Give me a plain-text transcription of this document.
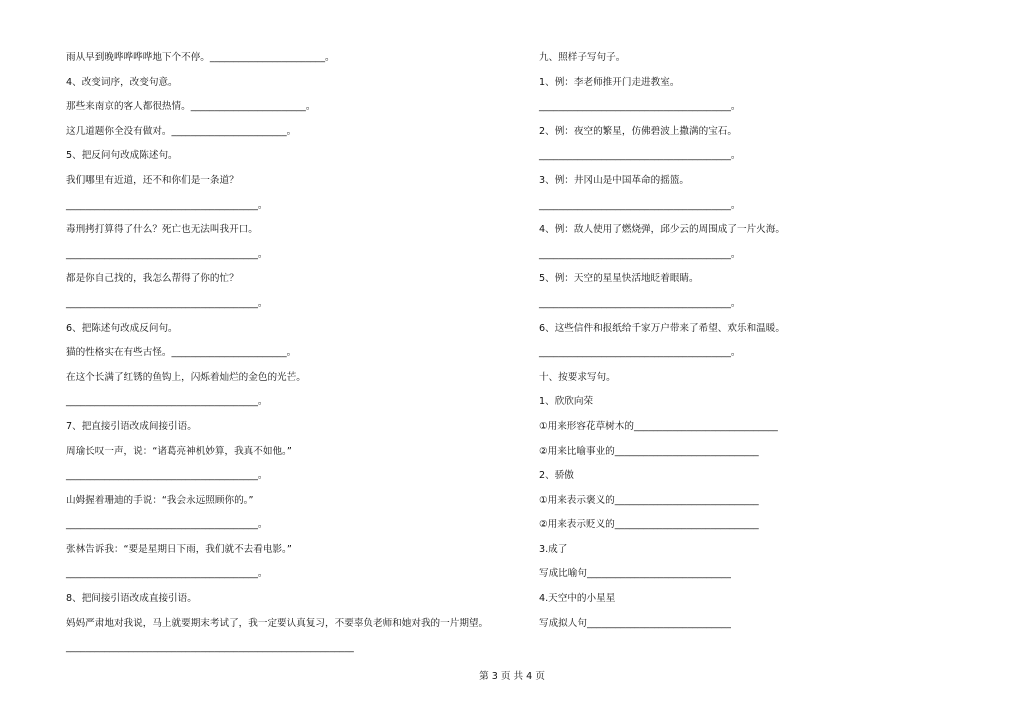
雨从早到晚哗哗哗哗地下个不停。________________________。
4、改变词序，改变句意。
那些来南京的客人都很热情。________________________。
这几道题你全没有做对。________________________。
5、把反问句改成陈述句。
我们哪里有近道，还不和你们是一条道？
________________________________________。
毒刑拷打算得了什么？死亡也无法叫我开口。
________________________________________。
都是你自己找的，我怎么帮得了你的忙？
________________________________________。
6、把陈述句改成反问句。
猫的性格实在有些古怪。________________________。
在这个长满了红锈的鱼钩上，闪烁着灿烂的金色的光芒。
________________________________________。
7、把直接引语改成间接引语。
周瑜长叹一声，说：“诸葛亮神机妙算，我真不如他。”
________________________________________。
山姆握着珊迪的手说：“我会永远照顾你的。”
________________________________________。
张林告诉我：“要是星期日下雨，我们就不去看电影。”
________________________________________。
8、把间接引语改成直接引语。
妈妈严肃地对我说，马上就要期末考试了，我一定要认真复习，不要辜负老师和她对我的一片期望。
____________________________________________________________
九、照样子写句子。
1、例：李老师推开门走进教室。
________________________________________。
2、例：夜空的繁星，仿佛碧波上撒满的宝石。
________________________________________。
3、例：井冈山是中国革命的摇篮。
________________________________________。
4、例：敌人使用了燃烧弹，邱少云的周围成了一片火海。
________________________________________。
5、例：天空的星星快活地眨着眼睛。
________________________________________。
6、这些信件和报纸给千家万户带来了希望、欢乐和温暖。
________________________________________。
十、按要求写句。
1、欣欣向荣
①用来形容花草树木的______________________________
②用来比喻事业的______________________________
2、骄傲
①用来表示褒义的______________________________
②用来表示贬义的______________________________
3.成了
写成比喻句______________________________
4.天空中的小星星
写成拟人句______________________________
第 3 页 共 4 页
